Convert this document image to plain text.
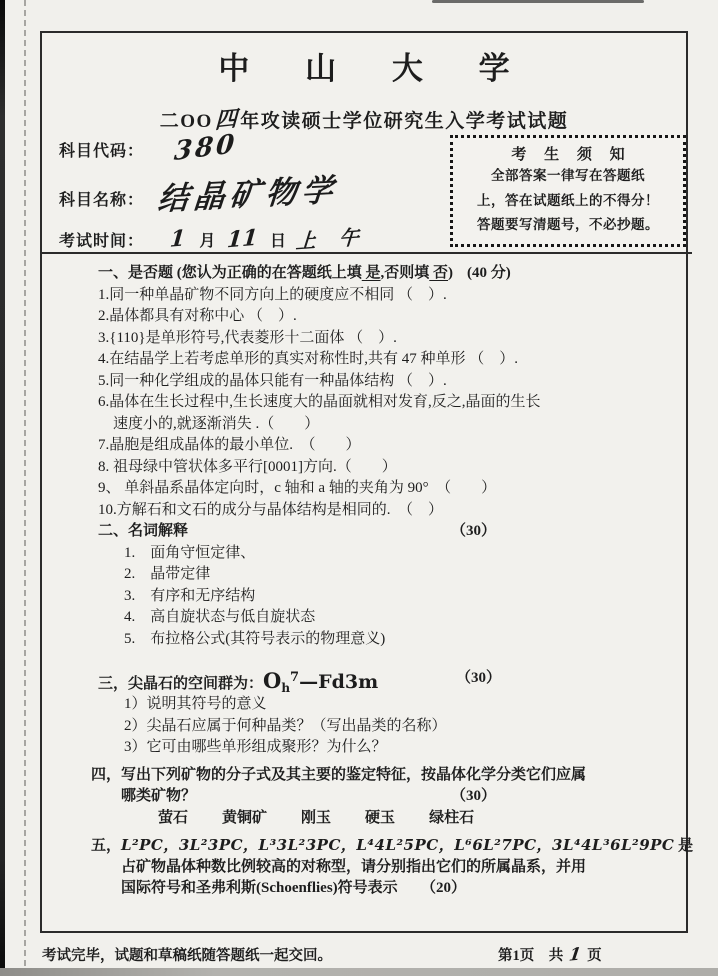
中 山 大 学
二OO四年攻读硕士学位研究生入学考试试题
科目代码： 380
科目名称： 结晶矿物学
考试时间： 1 月 11 日 上 午
考 生 须 知
全部答案一律写在答题纸
上，答在试题纸上的不得分！
答题要写清题号，不必抄题。
一、是否题 (您认为正确的在答题纸上填 是,否则填 否) (40 分)
1.同一种单晶矿物不同方向上的硬度应不相同 （　）.
2.晶体都具有对称中心 （　）.
3.{110}是单形符号,代表菱形十二面体 （　）.
4.在结晶学上若考虑单形的真实对称性时,共有 47 种单形 （　）.
5.同一种化学组成的晶体只能有一种晶体结构 （　）.
6.晶体在生长过程中,生长速度大的晶面就相对发育,反之,晶面的生长
　速度小的,就逐渐消失 .（　　）
7.晶胞是组成晶体的最小单位.　（　　）
8. 祖母绿中管状体多平行[0001]方向.（　　）
9、 单斜晶系晶体定向时，c 轴和 a 轴的夹角为 90°　（　　）
10.方解石和文石的成分与晶体结构是相同的.　（　）
二、名词解释	（30）
1.　面角守恒定律、
2.　晶带定律
3.　有序和无序结构
4.　高自旋状态与低自旋状态
5.　布拉格公式(其符号表示的物理意义)
三，尖晶石的空间群为：$O_h7—Fd3m$	（30）
1）说明其符号的意义
2）尖晶石应属于何种晶类？（写出晶类的名称）
3）它可由哪些单形组成聚形？为什么？
四，写出下列矿物的分子式及其主要的鉴定特征，按晶体化学分类它们应属
哪类矿物？	（30）
萤石 黄铜矿 刚玉 硬玉 绿柱石
五，L²PC，3L²3PC，L³3L²3PC，L⁴4L²5PC，L⁶6L²7PC，3L⁴4L³6L²9PC 是
占矿物晶体种数比例较高的对称型，请分别指出它们的所属晶系，并用
国际符号和圣弗利斯(Schoenflies)符号表示 （20）
考试完毕，试题和草稿纸随答题纸一起交回。	第1页　共 1 页
